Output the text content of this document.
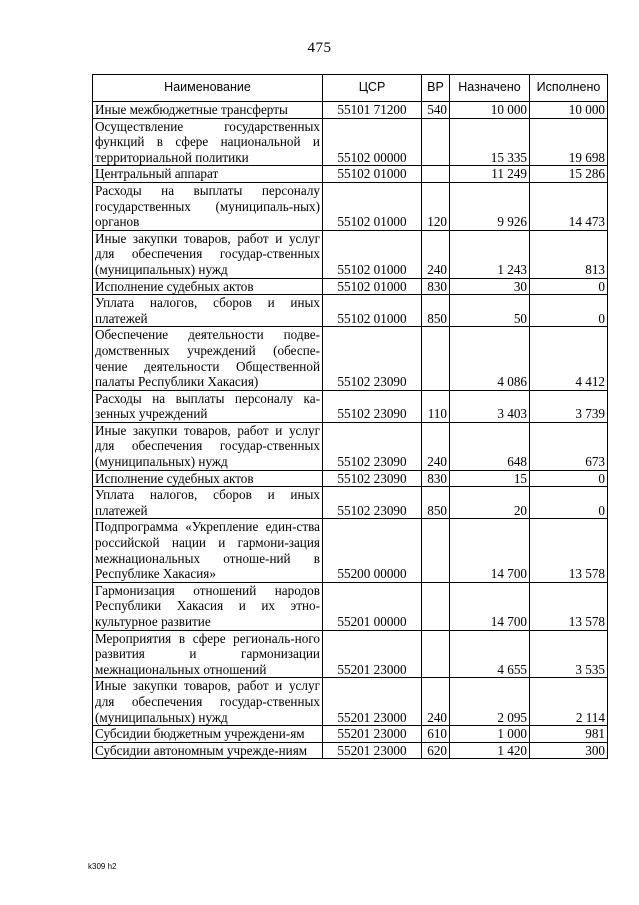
475
Наименование	ЦСР	ВР	Назначено	Исполнено
Иные межбюджетные трансферты	55101 71200	540	10 000	10 000
Осуществление государственных функций в сфере национальной и территориальной политики	55102 00000		15 335	19 698
Центральный аппарат	55102 01000		11 249	15 286
Расходы на выплаты персоналу государственных (муниципаль-ных) органов	55102 01000	120	9 926	14 473
Иные закупки товаров, работ и услуг для обеспечения государ-ственных (муниципальных) нужд	55102 01000	240	1 243	813
Исполнение судебных актов	55102 01000	830	30	0
Уплата налогов, сборов и иных платежей	55102 01000	850	50	0
Обеспечение деятельности подве-домственных учреждений (обеспе-чение деятельности Общественной палаты Республики Хакасия)	55102 23090		4 086	4 412
Расходы на выплаты персоналу ка-зенных учреждений	55102 23090	110	3 403	3 739
Иные закупки товаров, работ и услуг для обеспечения государ-ственных (муниципальных) нужд	55102 23090	240	648	673
Исполнение судебных актов	55102 23090	830	15	0
Уплата налогов, сборов и иных платежей	55102 23090	850	20	0
Подпрограмма «Укрепление един-ства российской нации и гармони-зация межнациональных отноше-ний в Республике Хакасия»	55200 00000		14 700	13 578
Гармонизация отношений народов Республики Хакасия и их этно-культурное развитие	55201 00000		14 700	13 578
Мероприятия в сфере региональ-ного развития и гармонизации межнациональных отношений	55201 23000		4 655	3 535
Иные закупки товаров, работ и услуг для обеспечения государ-ственных (муниципальных) нужд	55201 23000	240	2 095	2 114
Субсидии бюджетным учреждени-ям	55201 23000	610	1 000	981
Субсидии автономным учрежде-ниям	55201 23000	620	1 420	300
k309 h2
